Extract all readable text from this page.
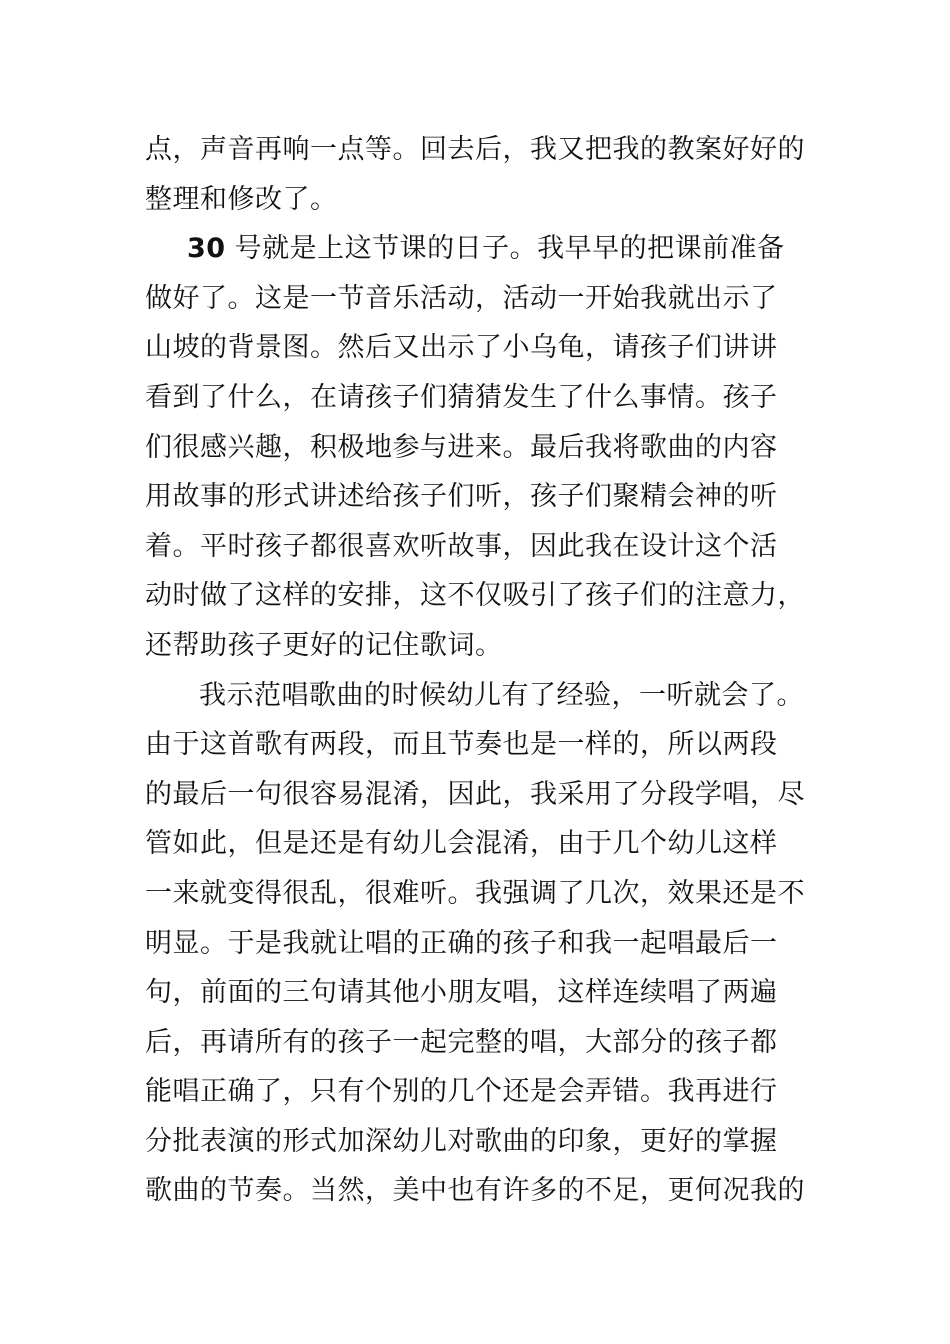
点，声音再响一点等。回去后，我又把我的教案好好的
整理和修改了。
30 号就是上这节课的日子。我早早的把课前准备
做好了。这是一节音乐活动，活动一开始我就出示了
山坡的背景图。然后又出示了小乌龟，请孩子们讲讲
看到了什么，在请孩子们猜猜发生了什么事情。孩子
们很感兴趣，积极地参与进来。最后我将歌曲的内容
用故事的形式讲述给孩子们听，孩子们聚精会神的听
着。平时孩子都很喜欢听故事，因此我在设计这个活
动时做了这样的安排，这不仅吸引了孩子们的注意力，
还帮助孩子更好的记住歌词。
我示范唱歌曲的时候幼儿有了经验，一听就会了。
由于这首歌有两段，而且节奏也是一样的，所以两段
的最后一句很容易混淆，因此，我采用了分段学唱，尽
管如此，但是还是有幼儿会混淆，由于几个幼儿这样
一来就变得很乱，很难听。我强调了几次，效果还是不
明显。于是我就让唱的正确的孩子和我一起唱最后一
句，前面的三句请其他小朋友唱，这样连续唱了两遍
后，再请所有的孩子一起完整的唱，大部分的孩子都
能唱正确了，只有个别的几个还是会弄错。我再进行
分批表演的形式加深幼儿对歌曲的印象，更好的掌握
歌曲的节奏。当然，美中也有许多的不足，更何况我的
